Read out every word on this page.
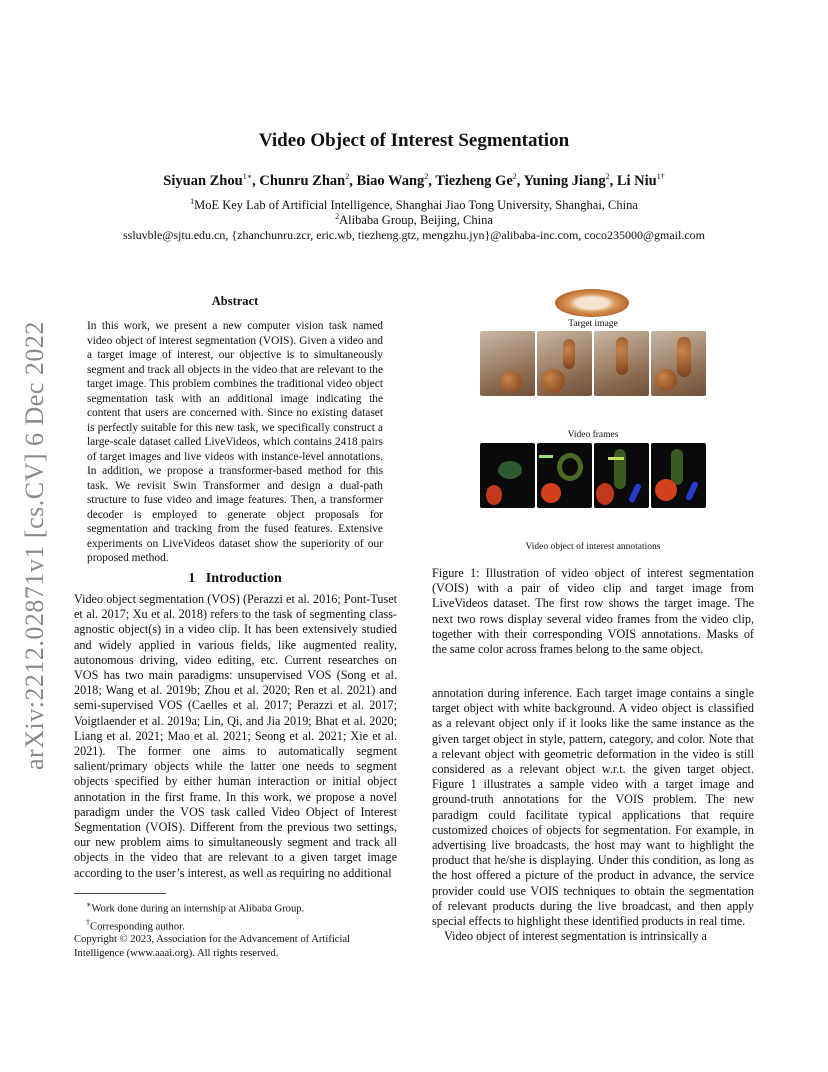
arXiv:2212.02871v1 [cs.CV] 6 Dec 2022
Video Object of Interest Segmentation
Siyuan Zhou$^{1∗}$, Chunru Zhan$^2$, Biao Wang$^2$, Tiezheng Ge$^2$, Yuning Jiang$^2$, Li Niu$^{1\dagger}$
$^1$MoE Key Lab of Artificial Intelligence, Shanghai Jiao Tong University, Shanghai, China
$^2$Alibaba Group, Beijing, China
ssluvble@sjtu.edu.cn, {zhanchunru.zcr, eric.wb, tiezheng.gtz, mengzhu.jyn}@alibaba-inc.com, coco235000@gmail.com
Abstract
In this work, we present a new computer vision task named video object of interest segmentation (VOIS). Given a video and a target image of interest, our objective is to simultaneously segment and track all objects in the video that are relevant to the target image. This problem combines the traditional video object segmentation task with an additional image indicating the content that users are concerned with. Since no existing dataset is perfectly suitable for this new task, we specifically construct a large-scale dataset called LiveVideos, which contains 2418 pairs of target images and live videos with instance-level annotations. In addition, we propose a transformer-based method for this task. We revisit Swin Transformer and design a dual-path structure to fuse video and image features. Then, a transformer decoder is employed to generate object proposals for segmentation and tracking from the fused features. Extensive experiments on LiveVideos dataset show the superiority of our proposed method.
1 Introduction
Video object segmentation (VOS) (Perazzi et al. 2016; Pont-Tuset et al. 2017; Xu et al. 2018) refers to the task of segmenting class-agnostic object(s) in a video clip. It has been extensively studied and widely applied in various fields, like augmented reality, autonomous driving, video editing, etc. Current researches on VOS has two main paradigms: unsupervised VOS (Song et al. 2018; Wang et al. 2019b; Zhou et al. 2020; Ren et al. 2021) and semi-supervised VOS (Caelles et al. 2017; Perazzi et al. 2017; Voigtlaender et al. 2019a; Lin, Qi, and Jia 2019; Bhat et al. 2020; Liang et al. 2021; Mao et al. 2021; Seong et al. 2021; Xie et al. 2021). The former one aims to automatically segment salient/primary objects while the latter one needs to segment objects specified by either human interaction or initial object annotation in the first frame. In this work, we propose a novel paradigm under the VOS task called Video Object of Interest Segmentation (VOIS). Different from the previous two settings, our new problem aims to simultaneously segment and track all objects in the video that are relevant to a given target image according to the user’s interest, as well as requiring no additional
∗Work done during an internship at Alibaba Group.
†Corresponding author.
Copyright © 2023, Association for the Advancement of Artificial Intelligence (www.aaai.org). All rights reserved.
Target image
Video frames
Video object of interest annotations
Figure 1: Illustration of video object of interest segmentation (VOIS) with a pair of video clip and target image from LiveVideos dataset. The first row shows the target image. The next two rows display several video frames from the video clip, together with their corresponding VOIS annotations. Masks of the same color across frames belong to the same object.

annotation during inference. Each target image contains a single target object with white background. A video object is classified as a relevant object only if it looks like the same instance as the given target object in style, pattern, category, and color. Note that a relevant object with geometric deformation in the video is still considered as a relevant object w.r.t. the given target object. Figure 1 illustrates a sample video with a target image and ground-truth annotations for the VOIS problem. The new paradigm could facilitate typical applications that require customized choices of objects for segmentation. For example, in advertising live broadcasts, the host may want to highlight the product that he/she is displaying. Under this condition, as long as the host offered a picture of the product in advance, the service provider could use VOIS techniques to obtain the segmentation of relevant products during the live broadcast, and then apply special effects to highlight these identified products in real time.

Video object of interest segmentation is intrinsically a
